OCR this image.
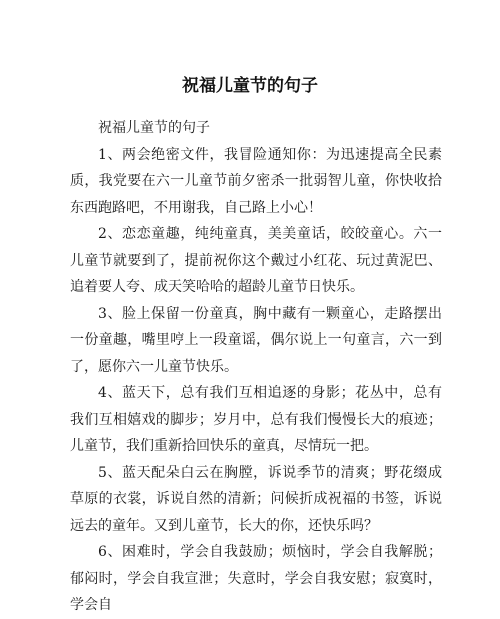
祝福儿童节的句子

祝福儿童节的句子

1、两会绝密文件，我冒险通知你：为迅速提高全民素质，我党要在六一儿童节前夕密杀一批弱智儿童，你快收拾东西跑路吧，不用谢我，自己路上小心！

2、恋恋童趣，纯纯童真，美美童话，皎皎童心。六一儿童节就要到了，提前祝你这个戴过小红花、玩过黄泥巴、追着要人夸、成天笑哈哈的超龄儿童节日快乐。

3、脸上保留一份童真，胸中藏有一颗童心，走路摆出一份童趣，嘴里哼上一段童谣，偶尔说上一句童言，六一到了，愿你六一儿童节快乐。

4、蓝天下，总有我们互相追逐的身影；花丛中，总有我们互相嬉戏的脚步；岁月中，总有我们慢慢长大的痕迹；儿童节，我们重新拾回快乐的童真，尽情玩一把。

5、蓝天配朵白云在胸膛，诉说季节的清爽；野花缀成草原的衣裳，诉说自然的清新；问候折成祝福的书签，诉说远去的童年。又到儿童节，长大的你，还快乐吗？

6、困难时，学会自我鼓励；烦恼时，学会自我解脱；郁闷时，学会自我宣泄；失意时，学会自我安慰；寂寞时，学会自
